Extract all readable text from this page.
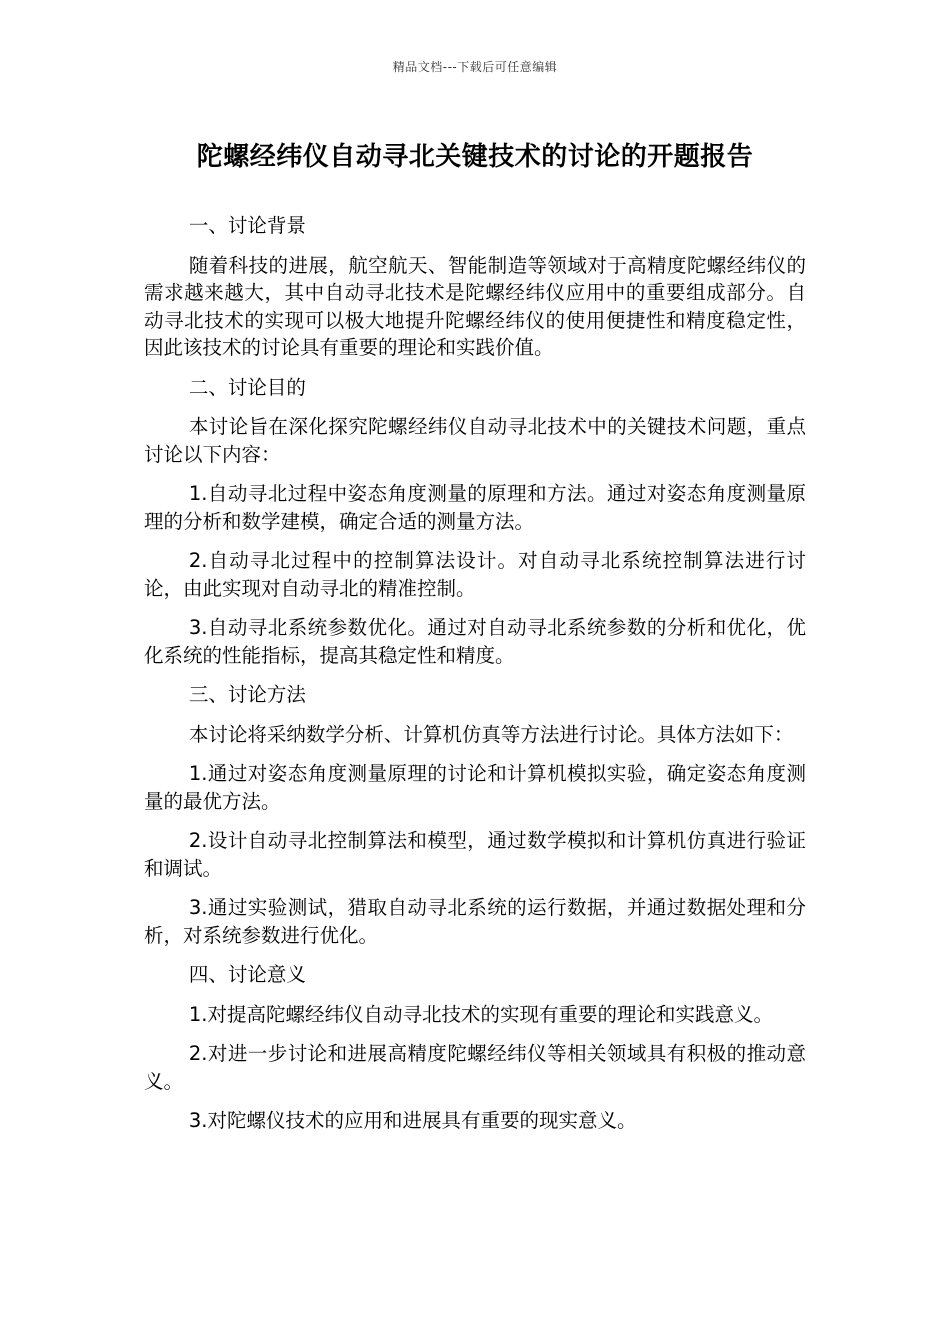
精品文档---下载后可任意编辑
陀螺经纬仪自动寻北关键技术的讨论的开题报告

一、讨论背景

随着科技的进展，航空航天、智能制造等领域对于高精度陀螺经纬仪的需求越来越大，其中自动寻北技术是陀螺经纬仪应用中的重要组成部分。自动寻北技术的实现可以极大地提升陀螺经纬仪的使用便捷性和精度稳定性，因此该技术的讨论具有重要的理论和实践价值。

二、讨论目的

本讨论旨在深化探究陀螺经纬仪自动寻北技术中的关键技术问题，重点讨论以下内容：

1.自动寻北过程中姿态角度测量的原理和方法。通过对姿态角度测量原理的分析和数学建模，确定合适的测量方法。

2.自动寻北过程中的控制算法设计。对自动寻北系统控制算法进行讨论，由此实现对自动寻北的精准控制。

3.自动寻北系统参数优化。通过对自动寻北系统参数的分析和优化，优化系统的性能指标，提高其稳定性和精度。

三、讨论方法

本讨论将采纳数学分析、计算机仿真等方法进行讨论。具体方法如下：

1.通过对姿态角度测量原理的讨论和计算机模拟实验，确定姿态角度测量的最优方法。

2.设计自动寻北控制算法和模型，通过数学模拟和计算机仿真进行验证和调试。

3.通过实验测试，猎取自动寻北系统的运行数据，并通过数据处理和分析，对系统参数进行优化。

四、讨论意义

1.对提高陀螺经纬仪自动寻北技术的实现有重要的理论和实践意义。

2.对进一步讨论和进展高精度陀螺经纬仪等相关领域具有积极的推动意义。

3.对陀螺仪技术的应用和进展具有重要的现实意义。
